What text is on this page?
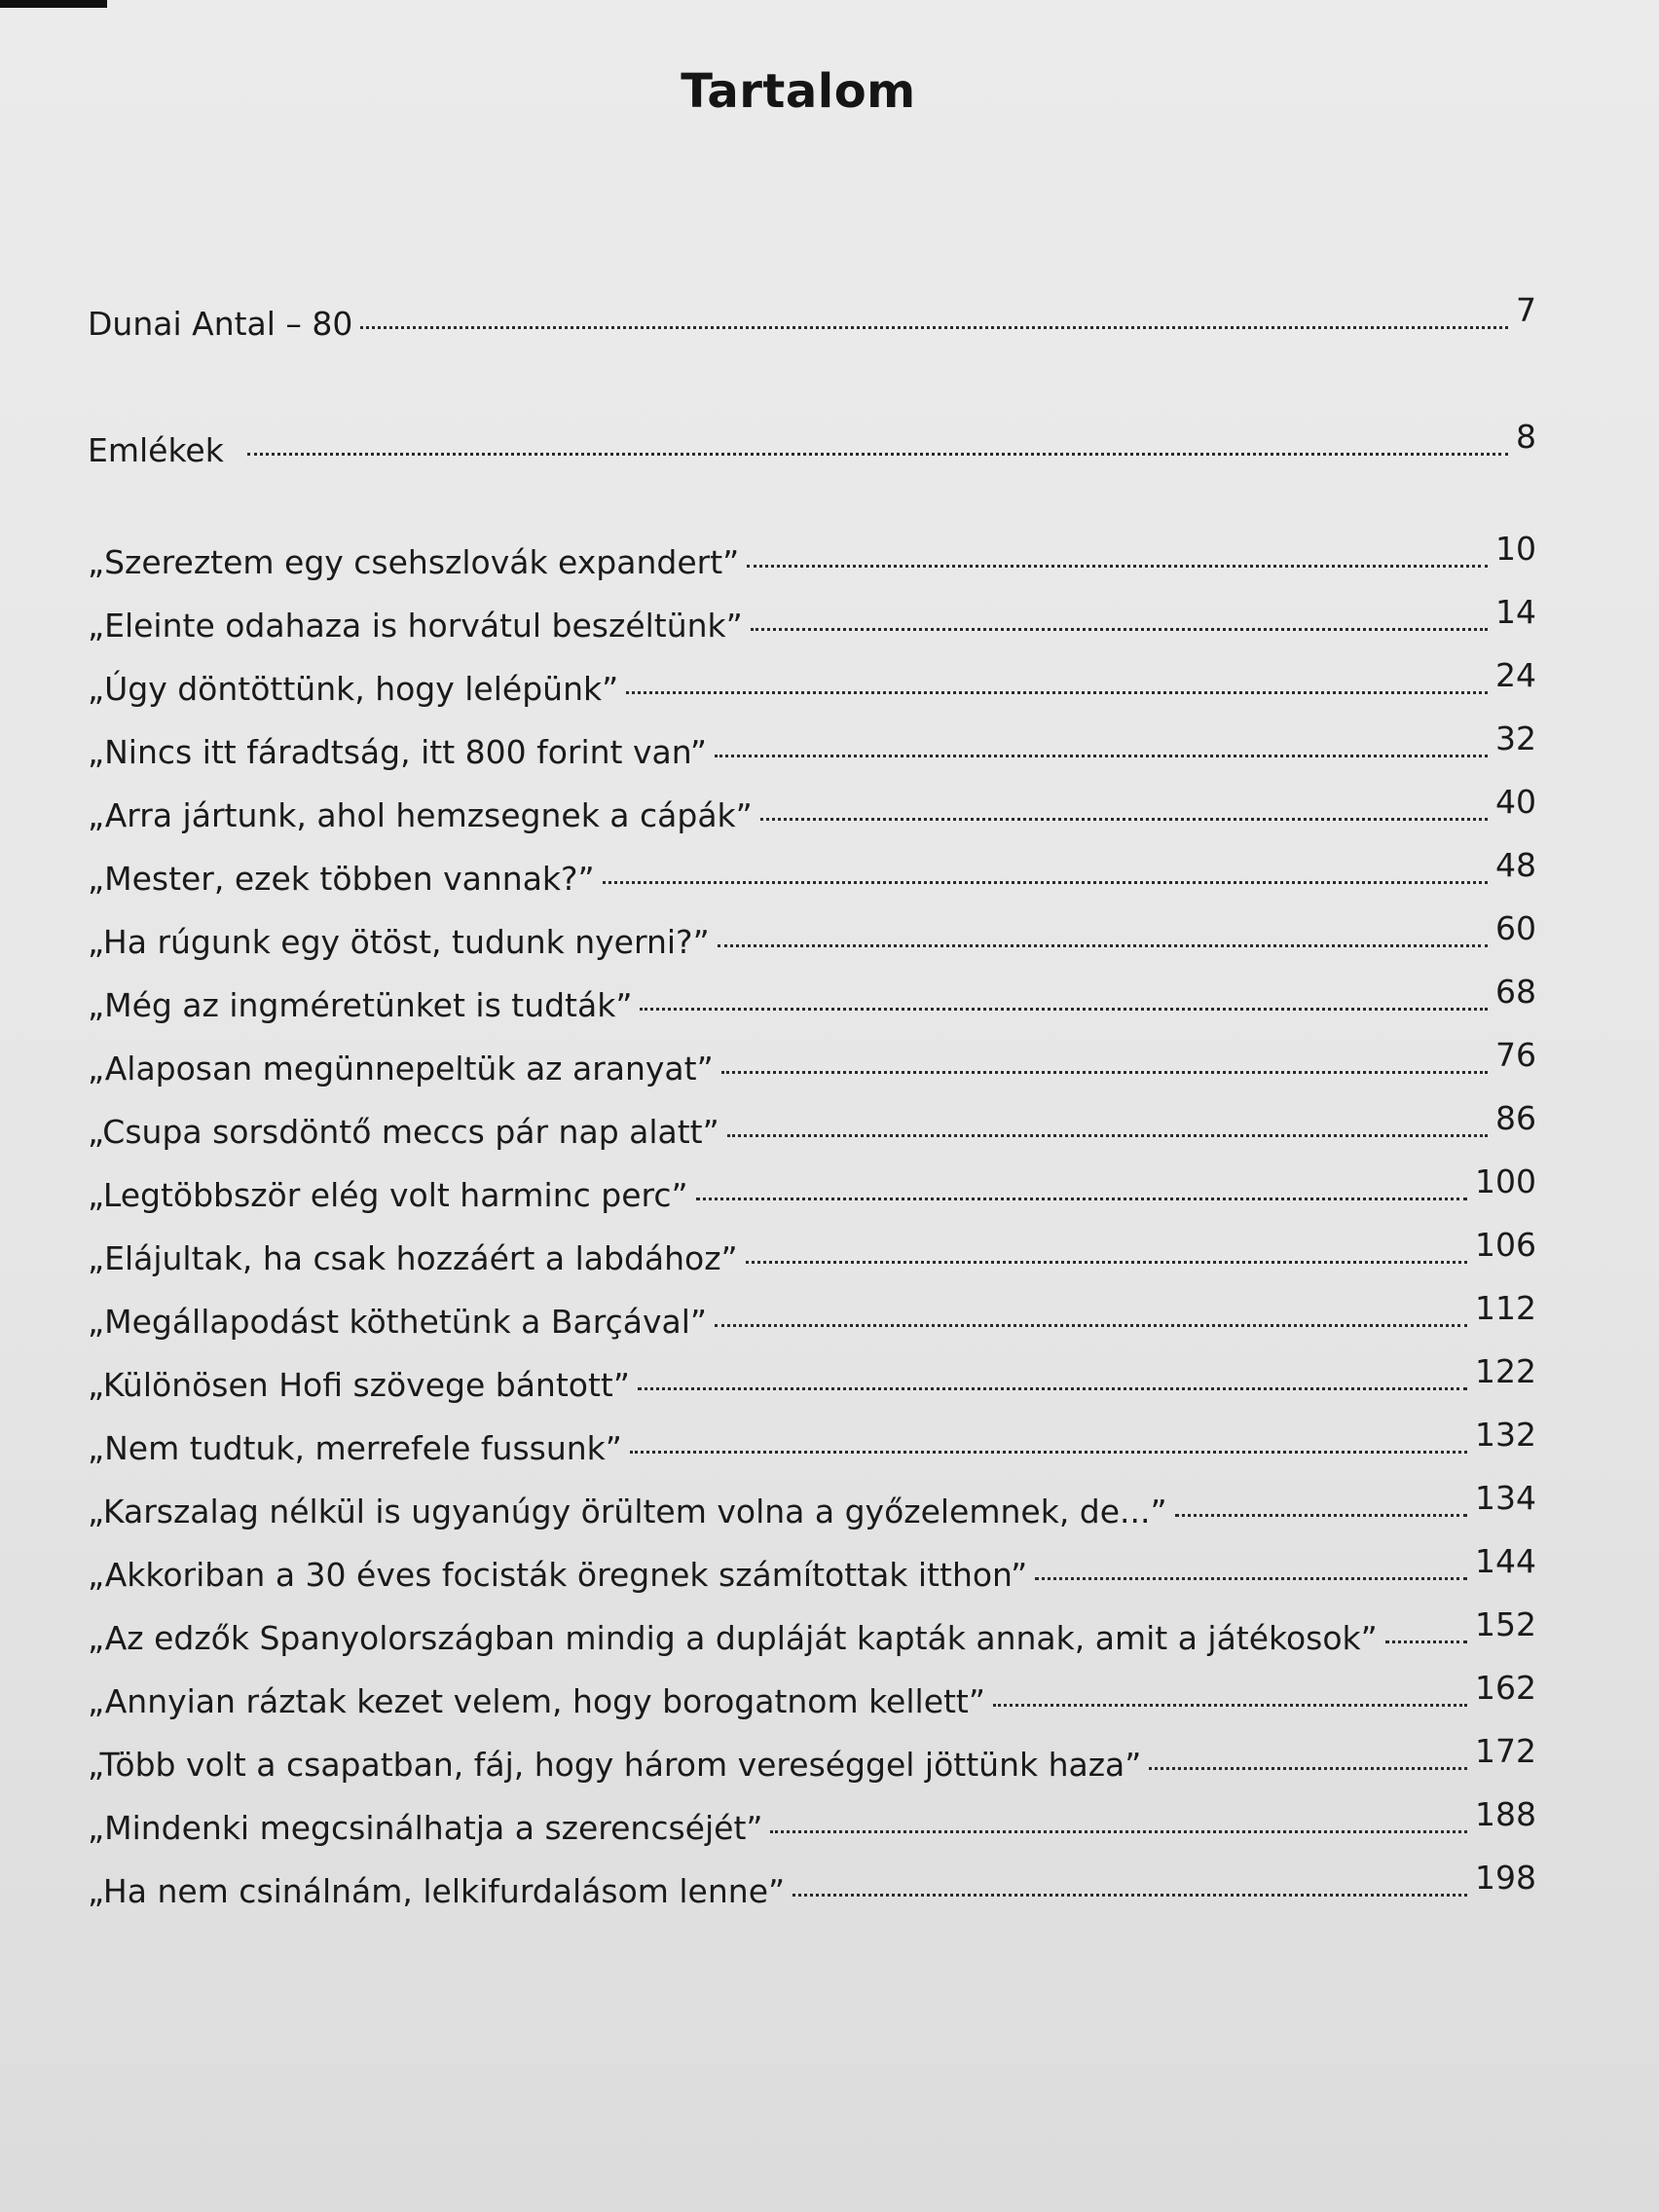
Tartalom
Dunai Antal – 80	7
Emlékek	8
„Szereztem egy csehszlovák expandert”	10
„Eleinte odahaza is horvátul beszéltünk”	14
„Úgy döntöttünk, hogy lelépünk”	24
„Nincs itt fáradtság, itt 800 forint van”	32
„Arra jártunk, ahol hemzsegnek a cápák”	40
„Mester, ezek többen vannak?”	48
„Ha rúgunk egy ötöst, tudunk nyerni?”	60
„Még az ingméretünket is tudták”	68
„Alaposan megünnepeltük az aranyat”	76
„Csupa sorsdöntő meccs pár nap alatt”	86
„Legtöbbször elég volt harminc perc”	100
„Elájultak, ha csak hozzáért a labdához”	106
„Megállapodást köthetünk a Barçával”	112
„Különösen Hofi szövege bántott”	122
„Nem tudtuk, merrefele fussunk”	132
„Karszalag nélkül is ugyanúgy örültem volna a győzelemnek, de...”	134
„Akkoriban a 30 éves focisták öregnek számítottak itthon”	144
„Az edzők Spanyolországban mindig a dupláját kapták annak, amit a játékosok”	152
„Annyian ráztak kezet velem, hogy borogatnom kellett”	162
„Több volt a csapatban, fáj, hogy három vereséggel jöttünk haza”	172
„Mindenki megcsinálhatja a szerencséjét”	188
„Ha nem csinálnám, lelkifurdalásom lenne”	198
